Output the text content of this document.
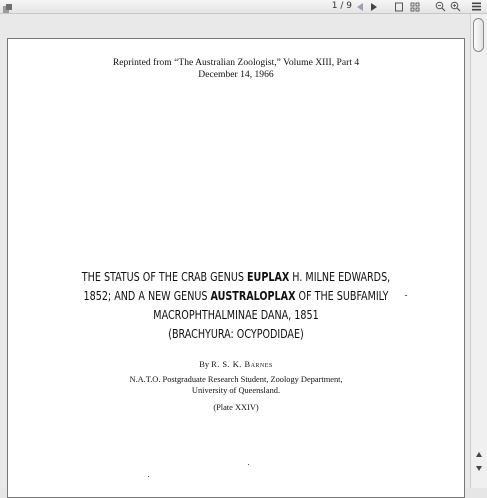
1 / 9
Reprinted from “The Australian Zoologist,” Volume XIII, Part 4
December 14, 1966
THE STATUS OF THE CRAB GENUS EUPLAX H. MILNE EDWARDS,
1852; AND A NEW GENUS AUSTRALOPLAX OF THE SUBFAMILY
MACROPHTHALMINAE DANA, 1851
(BRACHYURA: OCYPODIDAE)
By R. S. K. Barnes
N.A.T.O. Postgraduate Research Student, Zoology Department,
University of Queensland.
(Plate XXIV)
